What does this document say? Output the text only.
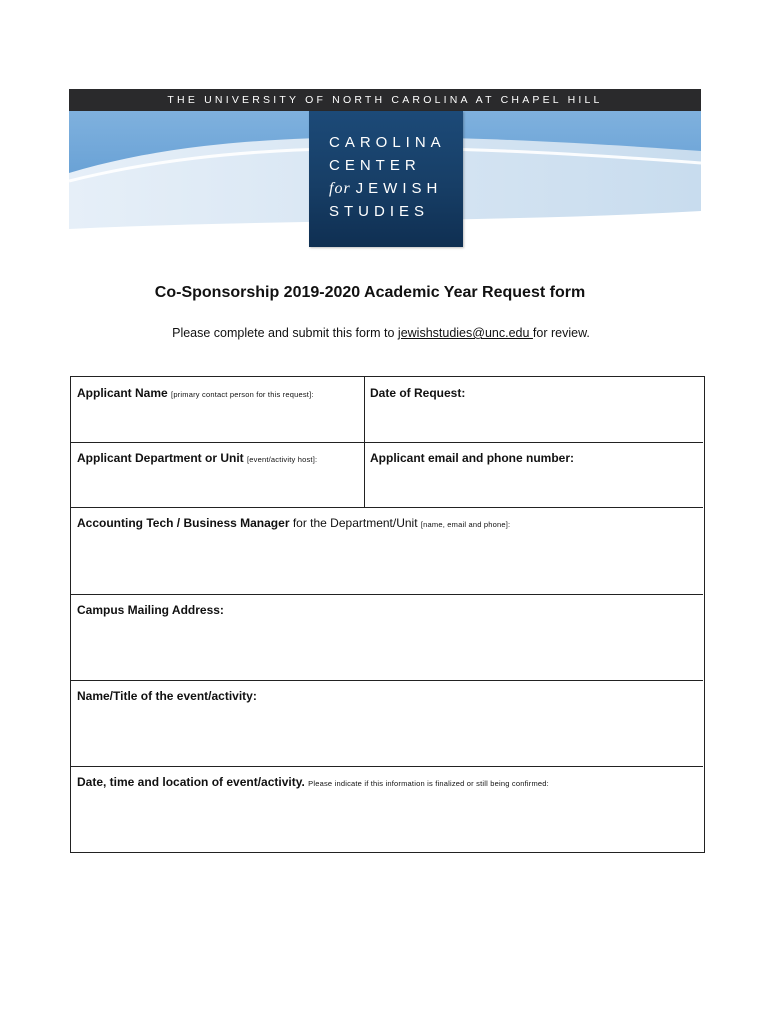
THE UNIVERSITY OF NORTH CAROLINA AT CHAPEL HILL
CAROLINA
CENTER
for JEWISH
STUDIES
Co-Sponsorship 2019-2020 Academic Year Request form
Please complete and submit this form to jewishstudies@unc.edu for review.
Applicant Name [primary contact person for this request]:	Date of Request:
Applicant Department or Unit [event/activity host]:	Applicant email and phone number:
Accounting Tech / Business Manager for the Department/Unit [name, email and phone]:
Campus Mailing Address:
Name/Title of the event/activity:
Date, time and location of event/activity. Please indicate if this information is finalized or still being confirmed:
